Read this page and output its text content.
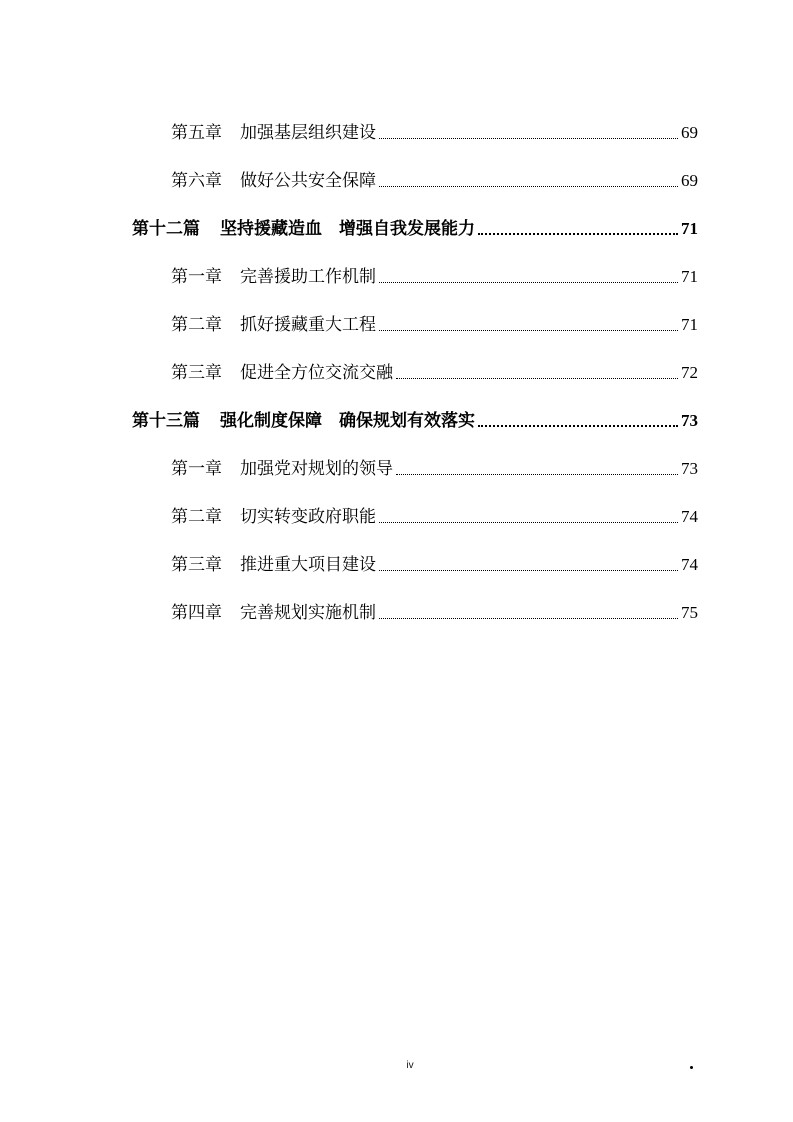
第五章 加强基层组织建设	69
第六章 做好公共安全保障	69
第十二篇 坚持援藏造血　增强自我发展能力	71
第一章 完善援助工作机制	71
第二章 抓好援藏重大工程	71
第三章 促进全方位交流交融	72
第十三篇 强化制度保障　确保规划有效落实	73
第一章 加强党对规划的领导	73
第二章 切实转变政府职能	74
第三章 推进重大项目建设	74
第四章 完善规划实施机制	75
iv
